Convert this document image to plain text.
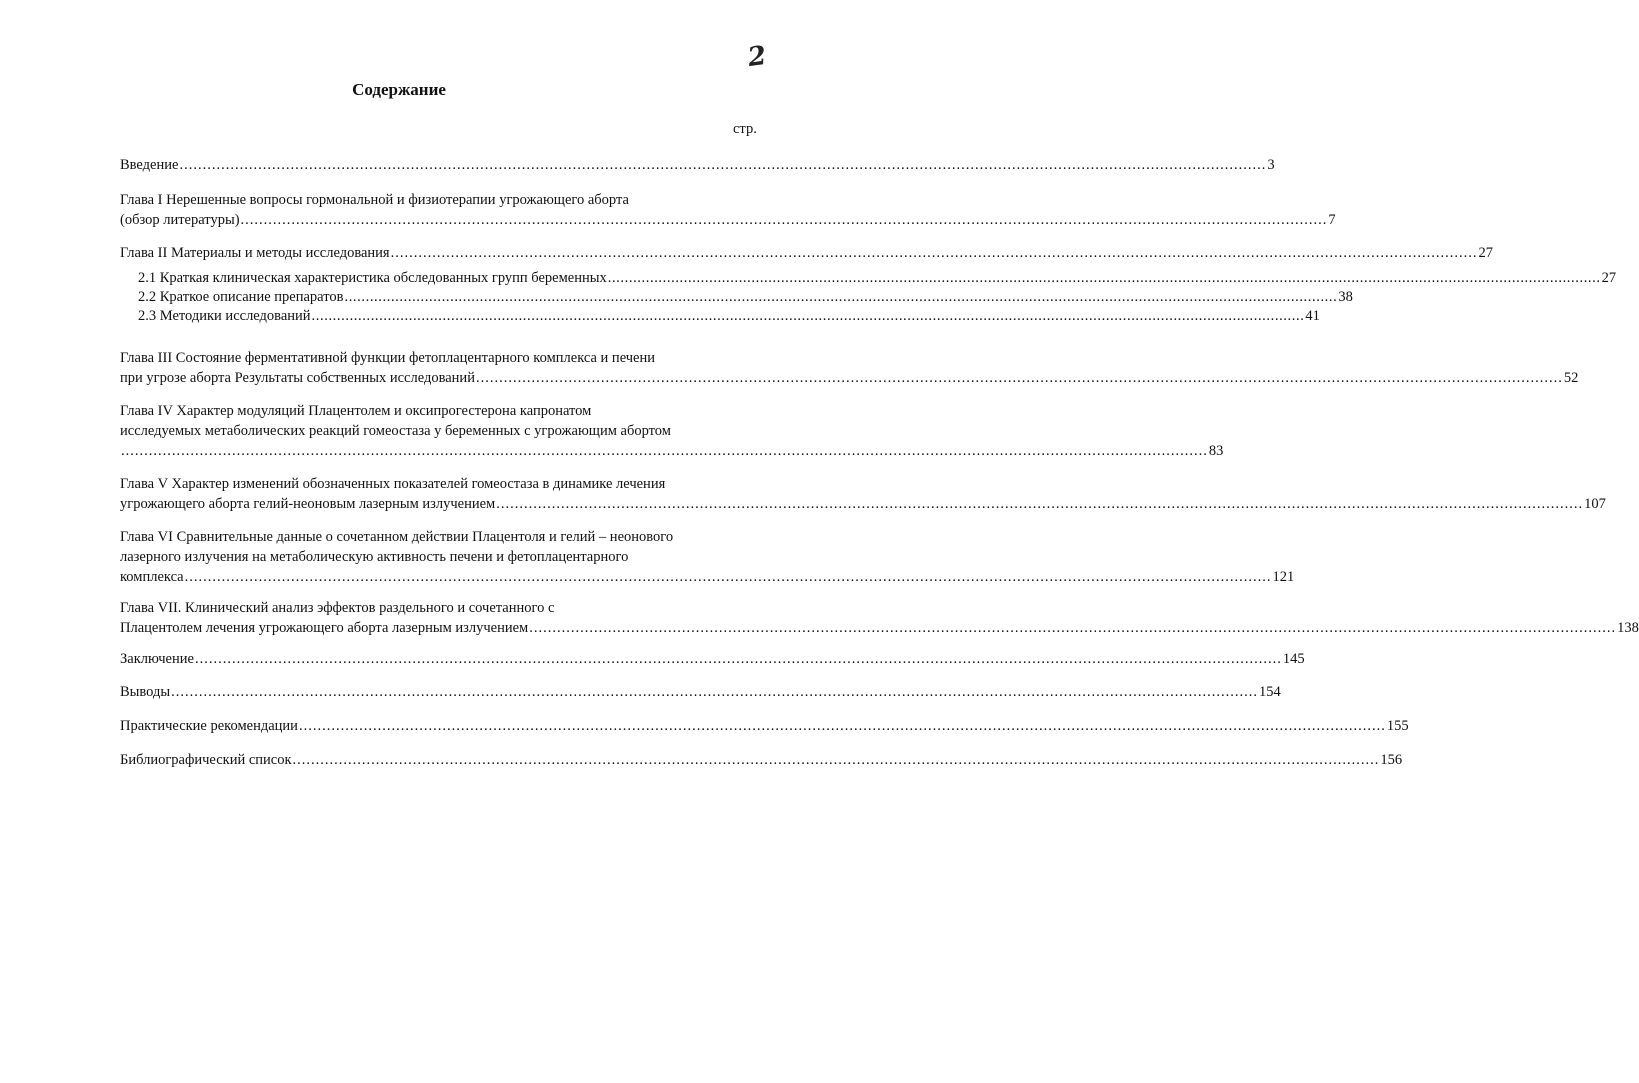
2
Содержание
стр.
Введение ........................................................................................................................................................................................................................................... 3
Глава I Нерешенные вопросы гормональной и физиотерапии угрожающего аборта
(обзор литературы) ........................................................................................................................................................................................................................................... 7
Глава II Материалы и методы исследования ........................................................................................................................................................................................................................................... 27
2.1 Краткая клиническая характеристика обследованных групп беременных ........................................................................................................................................................................................................................................... 27
2.2 Краткое описание препаратов ........................................................................................................................................................................................................................................... 38
2.3 Методики исследований ........................................................................................................................................................................................................................................... 41
Глава III Состояние ферментативной функции фетоплацентарного комплекса и печени
при угрозе аборта Результаты собственных исследований ........................................................................................................................................................................................................................................... 52
Глава IV Характер модуляций Плацентолем и оксипрогестерона капронатом
исследуемых метаболических реакций гомеостаза у беременных с угрожающим абортом
........................................................................................................................................................................................................................................... 83
Глава V Характер изменений обозначенных показателей гомеостаза в динамике лечения
угрожающего аборта гелий-неоновым лазерным излучением ........................................................................................................................................................................................................................................... 107
Глава VI Сравнительные данные о сочетанном действии Плацентоля и гелий – неонового
лазерного излучения на метаболическую активность печени и фетоплацентарного
комплекса ........................................................................................................................................................................................................................................... 121
Глава VII. Клинический анализ эффектов раздельного и сочетанного с
Плацентолем лечения угрожающего аборта лазерным излучением ........................................................................................................................................................................................................................................... 138
Заключение ........................................................................................................................................................................................................................................... 145
Выводы ........................................................................................................................................................................................................................................... 154
Практические рекомендации ........................................................................................................................................................................................................................................... 155
Библиографический список ........................................................................................................................................................................................................................................... 156
